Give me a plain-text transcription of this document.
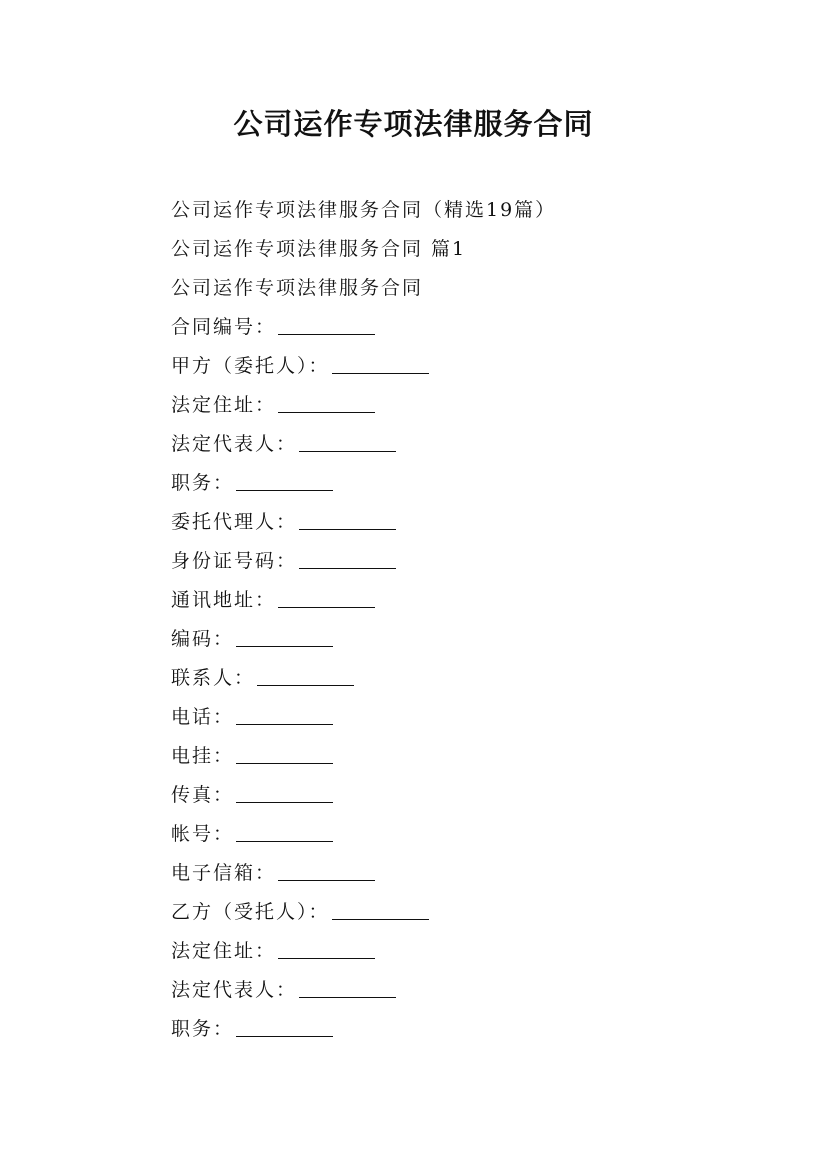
公司运作专项法律服务合同
公司运作专项法律服务合同（精选19篇）
公司运作专项法律服务合同 篇1
公司运作专项法律服务合同
合同编号：
甲方（委托人）：
法定住址：
法定代表人：
职务：
委托代理人：
身份证号码：
通讯地址：
编码：
联系人：
电话：
电挂：
传真：
帐号：
电子信箱：
乙方（受托人）：
法定住址：
法定代表人：
职务：
